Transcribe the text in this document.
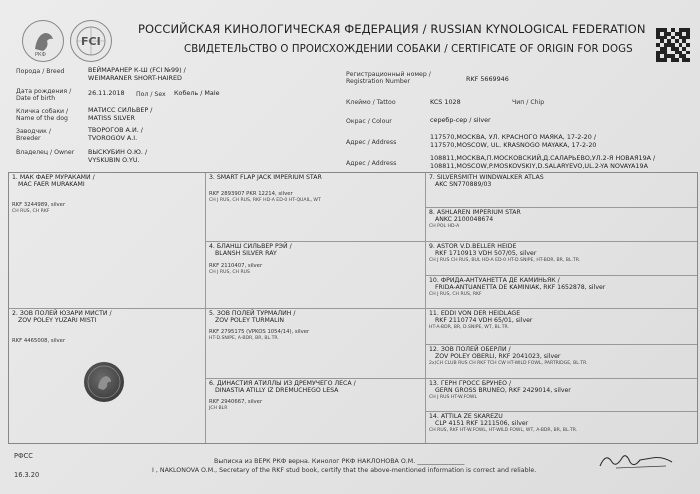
РКФ
FCI
РОССИЙСКАЯ КИНОЛОГИЧЕСКАЯ ФЕДЕРАЦИЯ / RUSSIAN KYNOLOGICAL FEDERATION
СВИДЕТЕЛЬСТВО О ПРОИСХОЖДЕНИИ СОБАКИ / CERTIFICATE OF ORIGIN FOR DOGS
Порода / Breed	ВЕЙМАРАНЕР К-Ш (FCI №99) /
WEIMARANER SHORT-HAIRED
Дата рождения / Date of birth
26.11.2018 Пол / Sex Кобель / Male
Кличка собаки / Name of the dog
МАТИСС СИЛЬВЕР /
MATISS SILVER
Заводчик / Breeder
ТВОРОГОВ А.И. /
TVOROGOV A.I.
Владелец / Owner ВЫСКУБИН О.Ю. /
VYSKUBIN O.YU.
Регистрационный номер / Registration Number	RKF 5669946
Клеймо / Tattoo	KCS 1028	Чип / Chip
Окрас / Colour	серебр-сер / silver
Адрес / Address
117570,МОСКВА, УЛ. КРАСНОГО МАЯКА, 17-2-20 /
117570,MOSCOW, UL. KRASNOGO MAYAKA, 17-2-20
Адрес / Address
108811,МОСКВА,П.МОСКОВСКИЙ,Д.САЛАРЬЕВО,УЛ.2-Я НОВАЯ19А /
108811,MOSCOW,P.MOSKOVSKIY,D.SALARYEVO,UL.2-YA NOVAYA19A
1. МАК ФАЕР МУРАКАМИ /
MAC FAER MURAKAMI
RKF 3244989, silver
CH RUS, CH RKF
2. ЗОВ ПОЛЕЙ ЮЗАРИ МИСТИ /
ZOV POLEY YUZARI MISTI
RKF 4465008, silver
3. SMART FLAP JACK IMPERIUM STAR
RKF 2893907 PKR 12214, silver
CH J RUS, CH RUS, RKF HD-A ED-0 HT-QUAIL, WT
4. БЛАНШ СИЛЬВЕР РЭЙ /
BLANSH SILVER RAY
RKF 2110407, silver
CH J RUS, CH RUS
5. ЗОВ ПОЛЕЙ ТУРМАЛИН /
ZOV POLEY TURMALIN
RKF 2795175 (VPKOS 1054/14), silver
HT-D.SNIPE, A-BDR, BR, BL.TR.
6. ДИНАСТИЯ АТИЛЛЫ ИЗ ДРЕМУЧЕГО ЛЕСА /
DINASTIA ATILLY IZ DREMUCHEGO LESA
RKF 2940667, silver
JCH BLR
7. SILVERSMITH WINDWALKER ATLAS
AKC SN770889/03
8. ASHLAREN IMPERIUM STAR
ANKC 2100048674
CH POL HD-A
9. ASTOR V.D.BELLER HEIDE
RKF 1710913 VDH 507/05, silver
CH J RUS CH RUS, BUL HD-A ED-0 HT-D.SNIPE, HT-BDR, BR, BL.TR.
10. ФРИДА-АНТУАНЕТТА ДЕ КАМИНЬЯК /
FRIDA-ANTUANETTA DE KAMINIAK, RKF 1652878, silver
CH J RUS, CH RUS, RKF
11. EDDI VON DER HEIDLAGE
RKF 2110774 VDH 65/01, silver
HT-A-BDR, BR, D.SNIPE, WT, BL.TR.
12. ЗОВ ПОЛЕЙ ОБЕРЛИ /
ZOV POLEY OBERLI, RKF 2041023, silver
2x(CH CLUB RUS CH RKF TCH CW HT-WILD FOWL, PARTRIDGE, BL.TR.
13. ГЕРН ГРОСС БРУНЕО /
GERN GROSS BRUNEO, RKF 2429014, silver
CH J RUS HT-W.FOWL
14. ATTILA ZE SKAREZU
CLP 4151 RKF 1211506, silver
CH RUS, RKF HT-W.FOWL, HT-WILD FOWL, WT, A-BDR, BR, BL.TR.
Выписка из ВЕРК РКФ верна. Кинолог РКФ НАКЛОНОВА О.М. _______________
I , NAKLONOVA O.M., Secretary of the RKF stud book, certify that the above-mentioned information is correct and reliable.
РФСС
16.3.20
